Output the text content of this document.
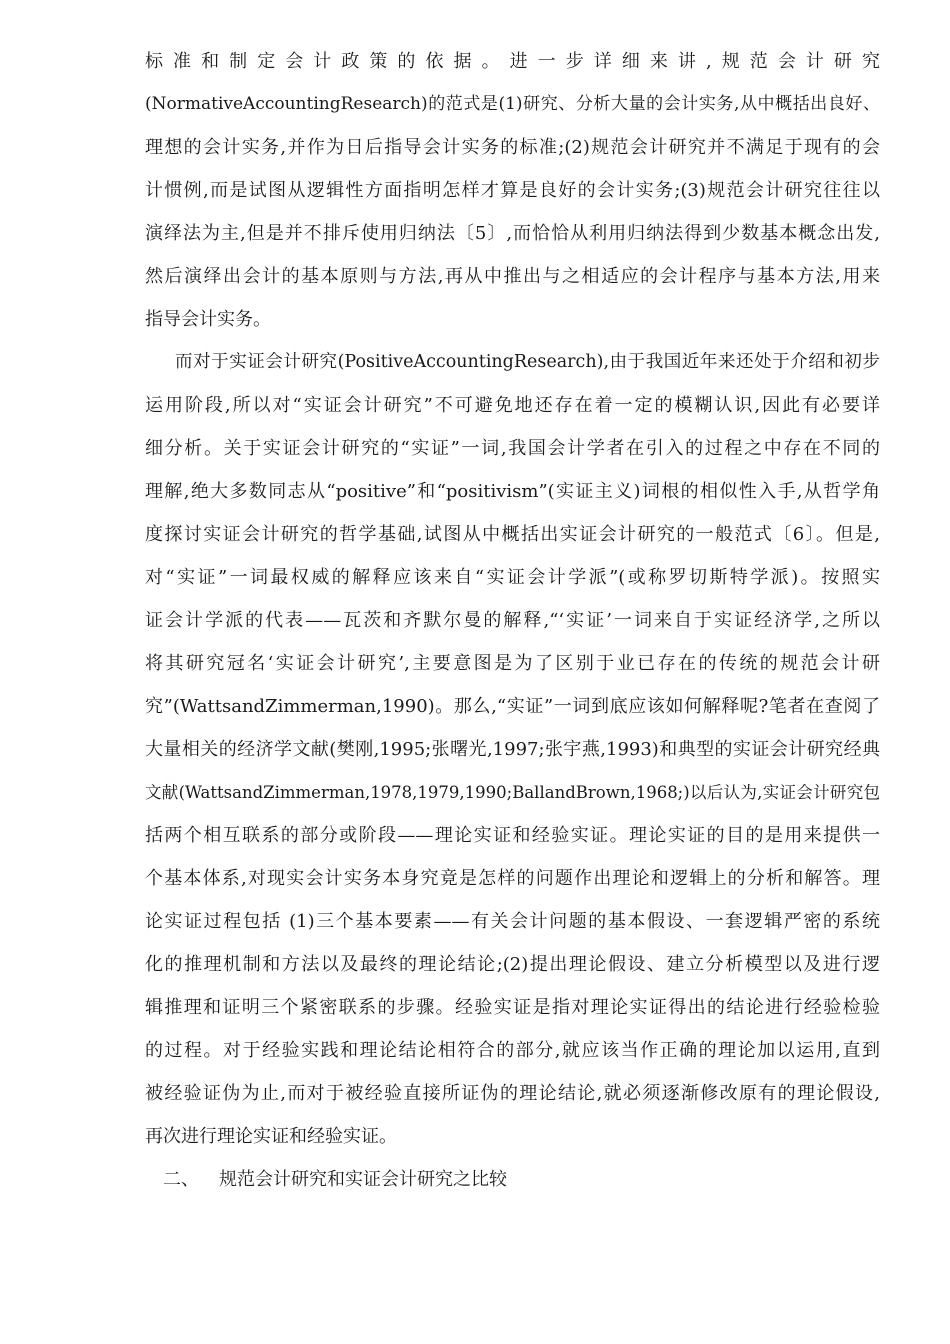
标准和制定会计政策的依据。进一步详细来讲,规范会计研究
(NormativeAccountingResearch)的范式是(1)研究、分析大量的会计实务,从中概括出良好、
理想的会计实务,并作为日后指导会计实务的标准;(2)规范会计研究并不满足于现有的会
计惯例,而是试图从逻辑性方面指明怎样才算是良好的会计实务;(3)规范会计研究往往以
演绎法为主,但是并不排斥使用归纳法〔5〕,而恰恰从利用归纳法得到少数基本概念出发,
然后演绎出会计的基本原则与方法,再从中推出与之相适应的会计程序与基本方法,用来
指导会计实务。
而对于实证会计研究(PositiveAccountingResearch),由于我国近年来还处于介绍和初步
运用阶段,所以对“实证会计研究”不可避免地还存在着一定的模糊认识,因此有必要详
细分析。关于实证会计研究的“实证”一词,我国会计学者在引入的过程之中存在不同的
理解,绝大多数同志从“positive”和“positivism”(实证主义)词根的相似性入手,从哲学角
度探讨实证会计研究的哲学基础,试图从中概括出实证会计研究的一般范式〔6〕。但是,
对“实证”一词最权威的解释应该来自“实证会计学派”(或称罗切斯特学派)。按照实
证会计学派的代表——瓦茨和齐默尔曼的解释,“‘实证’一词来自于实证经济学,之所以
将其研究冠名‘实证会计研究’,主要意图是为了区别于业已存在的传统的规范会计研
究”(WattsandZimmerman,1990)。那么,“实证”一词到底应该如何解释呢?笔者在查阅了
大量相关的经济学文献(樊刚,1995;张曙光,1997;张宇燕,1993)和典型的实证会计研究经典
文献(WattsandZimmerman,1978,1979,1990;BallandBrown,1968;)以后认为,实证会计研究包
括两个相互联系的部分或阶段——理论实证和经验实证。理论实证的目的是用来提供一
个基本体系,对现实会计实务本身究竟是怎样的问题作出理论和逻辑上的分析和解答。理
论实证过程包括 (1)三个基本要素——有关会计问题的基本假设、一套逻辑严密的系统
化的推理机制和方法以及最终的理论结论;(2)提出理论假设、建立分析模型以及进行逻
辑推理和证明三个紧密联系的步骤。经验实证是指对理论实证得出的结论进行经验检验
的过程。对于经验实践和理论结论相符合的部分,就应该当作正确的理论加以运用,直到
被经验证伪为止,而对于被经验直接所证伪的理论结论,就必须逐渐修改原有的理论假设,
再次进行理论实证和经验实证。
二、 规范会计研究和实证会计研究之比较
